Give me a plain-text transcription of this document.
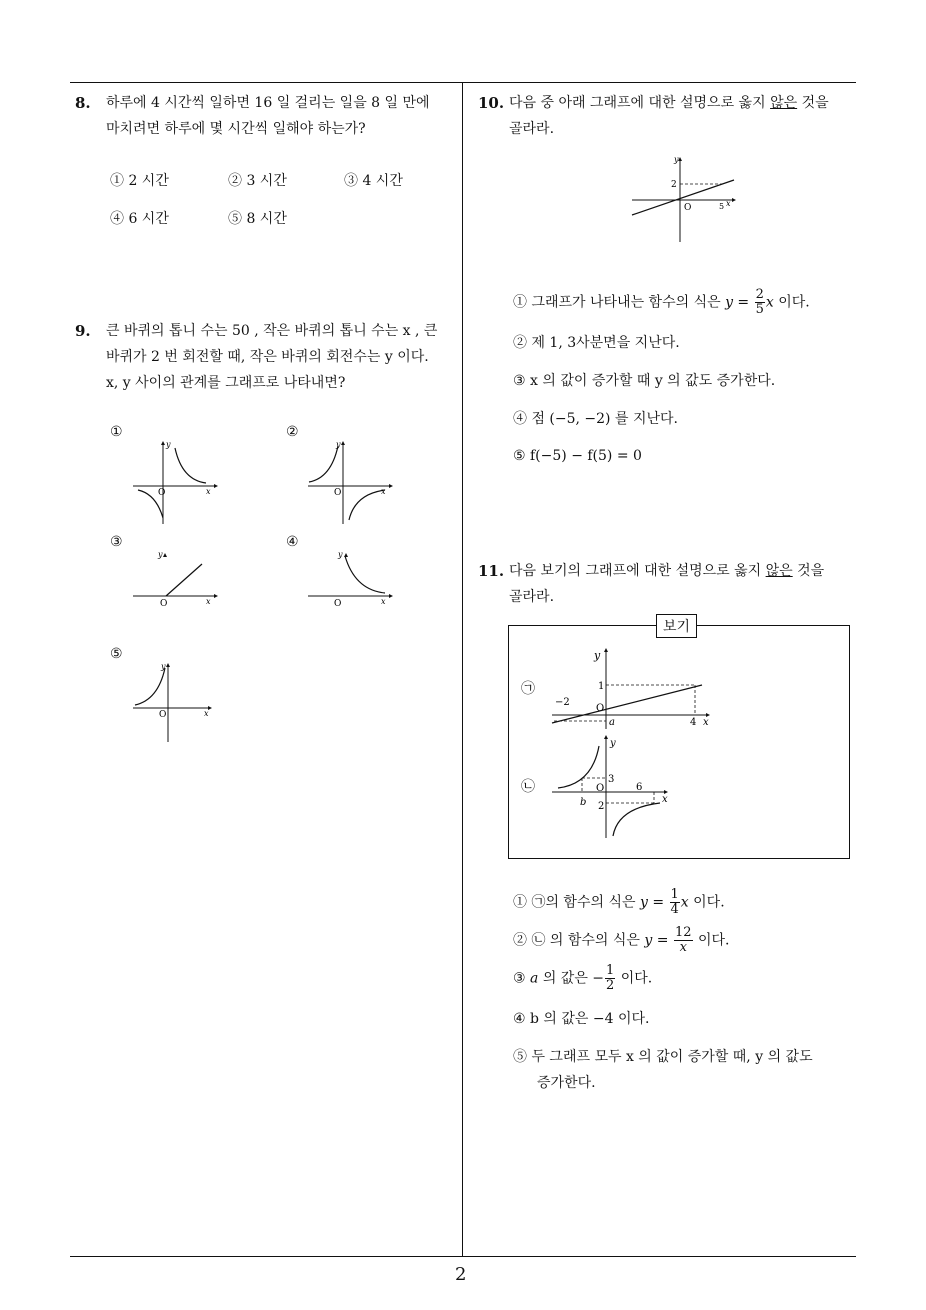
2
8. 하루에 4 시간씩 일하면 16 일 걸리는 일을 8 일 만에
마치려면 하루에 몇 시간씩 일해야 하는가?
① 2 시간	② 3 시간	③ 4 시간
④ 6 시간	⑤ 8 시간
9. 큰 바퀴의 톱니 수는 50 , 작은 바퀴의 톱니 수는 x , 큰
바퀴가 2 번 회전할 때, 작은 바퀴의 회전수는 y 이다.
x, y 사이의 관계를 그래프로 나타내면?
①
O	x
y
②
O	x
y
③
O	x
y
④
O	x
y
⑤
O	x
y
10. 다음 중 아래 그래프에 대한 설명으로 옳지 않은 것을
골라라.
y
2
O	5 x
① 그래프가 나타내는 함수의 식은 $y = \frac{2}{5}$ x 이다.
② 제 1, 3사분면을 지난다.
③ x 의 값이 증가할 때 y 의 값도 증가한다.
④ 점 (−5, −2) 를 지난다.
⑤ f(−5) − f(5) = 0
11. 다음 보기의 그래프에 대한 설명으로 옳지 않은 것을
골라라.
보기
㉠
y
1
−2
O
a	4 x
㉡
y
3
6
O
b 2
x
① ㉠의 함수의 식은 $y = \frac{1}{4}$ x 이다.
② ㉡ 의 함수의 식은 $y = \frac{12}{x}$ 이다.
③ a 의 값은 − $\frac{1}{2}$ 이다.
④ b 의 값은 −4 이다.
⑤ 두 그래프 모두 x 의 값이 증가할 때, y 의 값도
증가한다.
